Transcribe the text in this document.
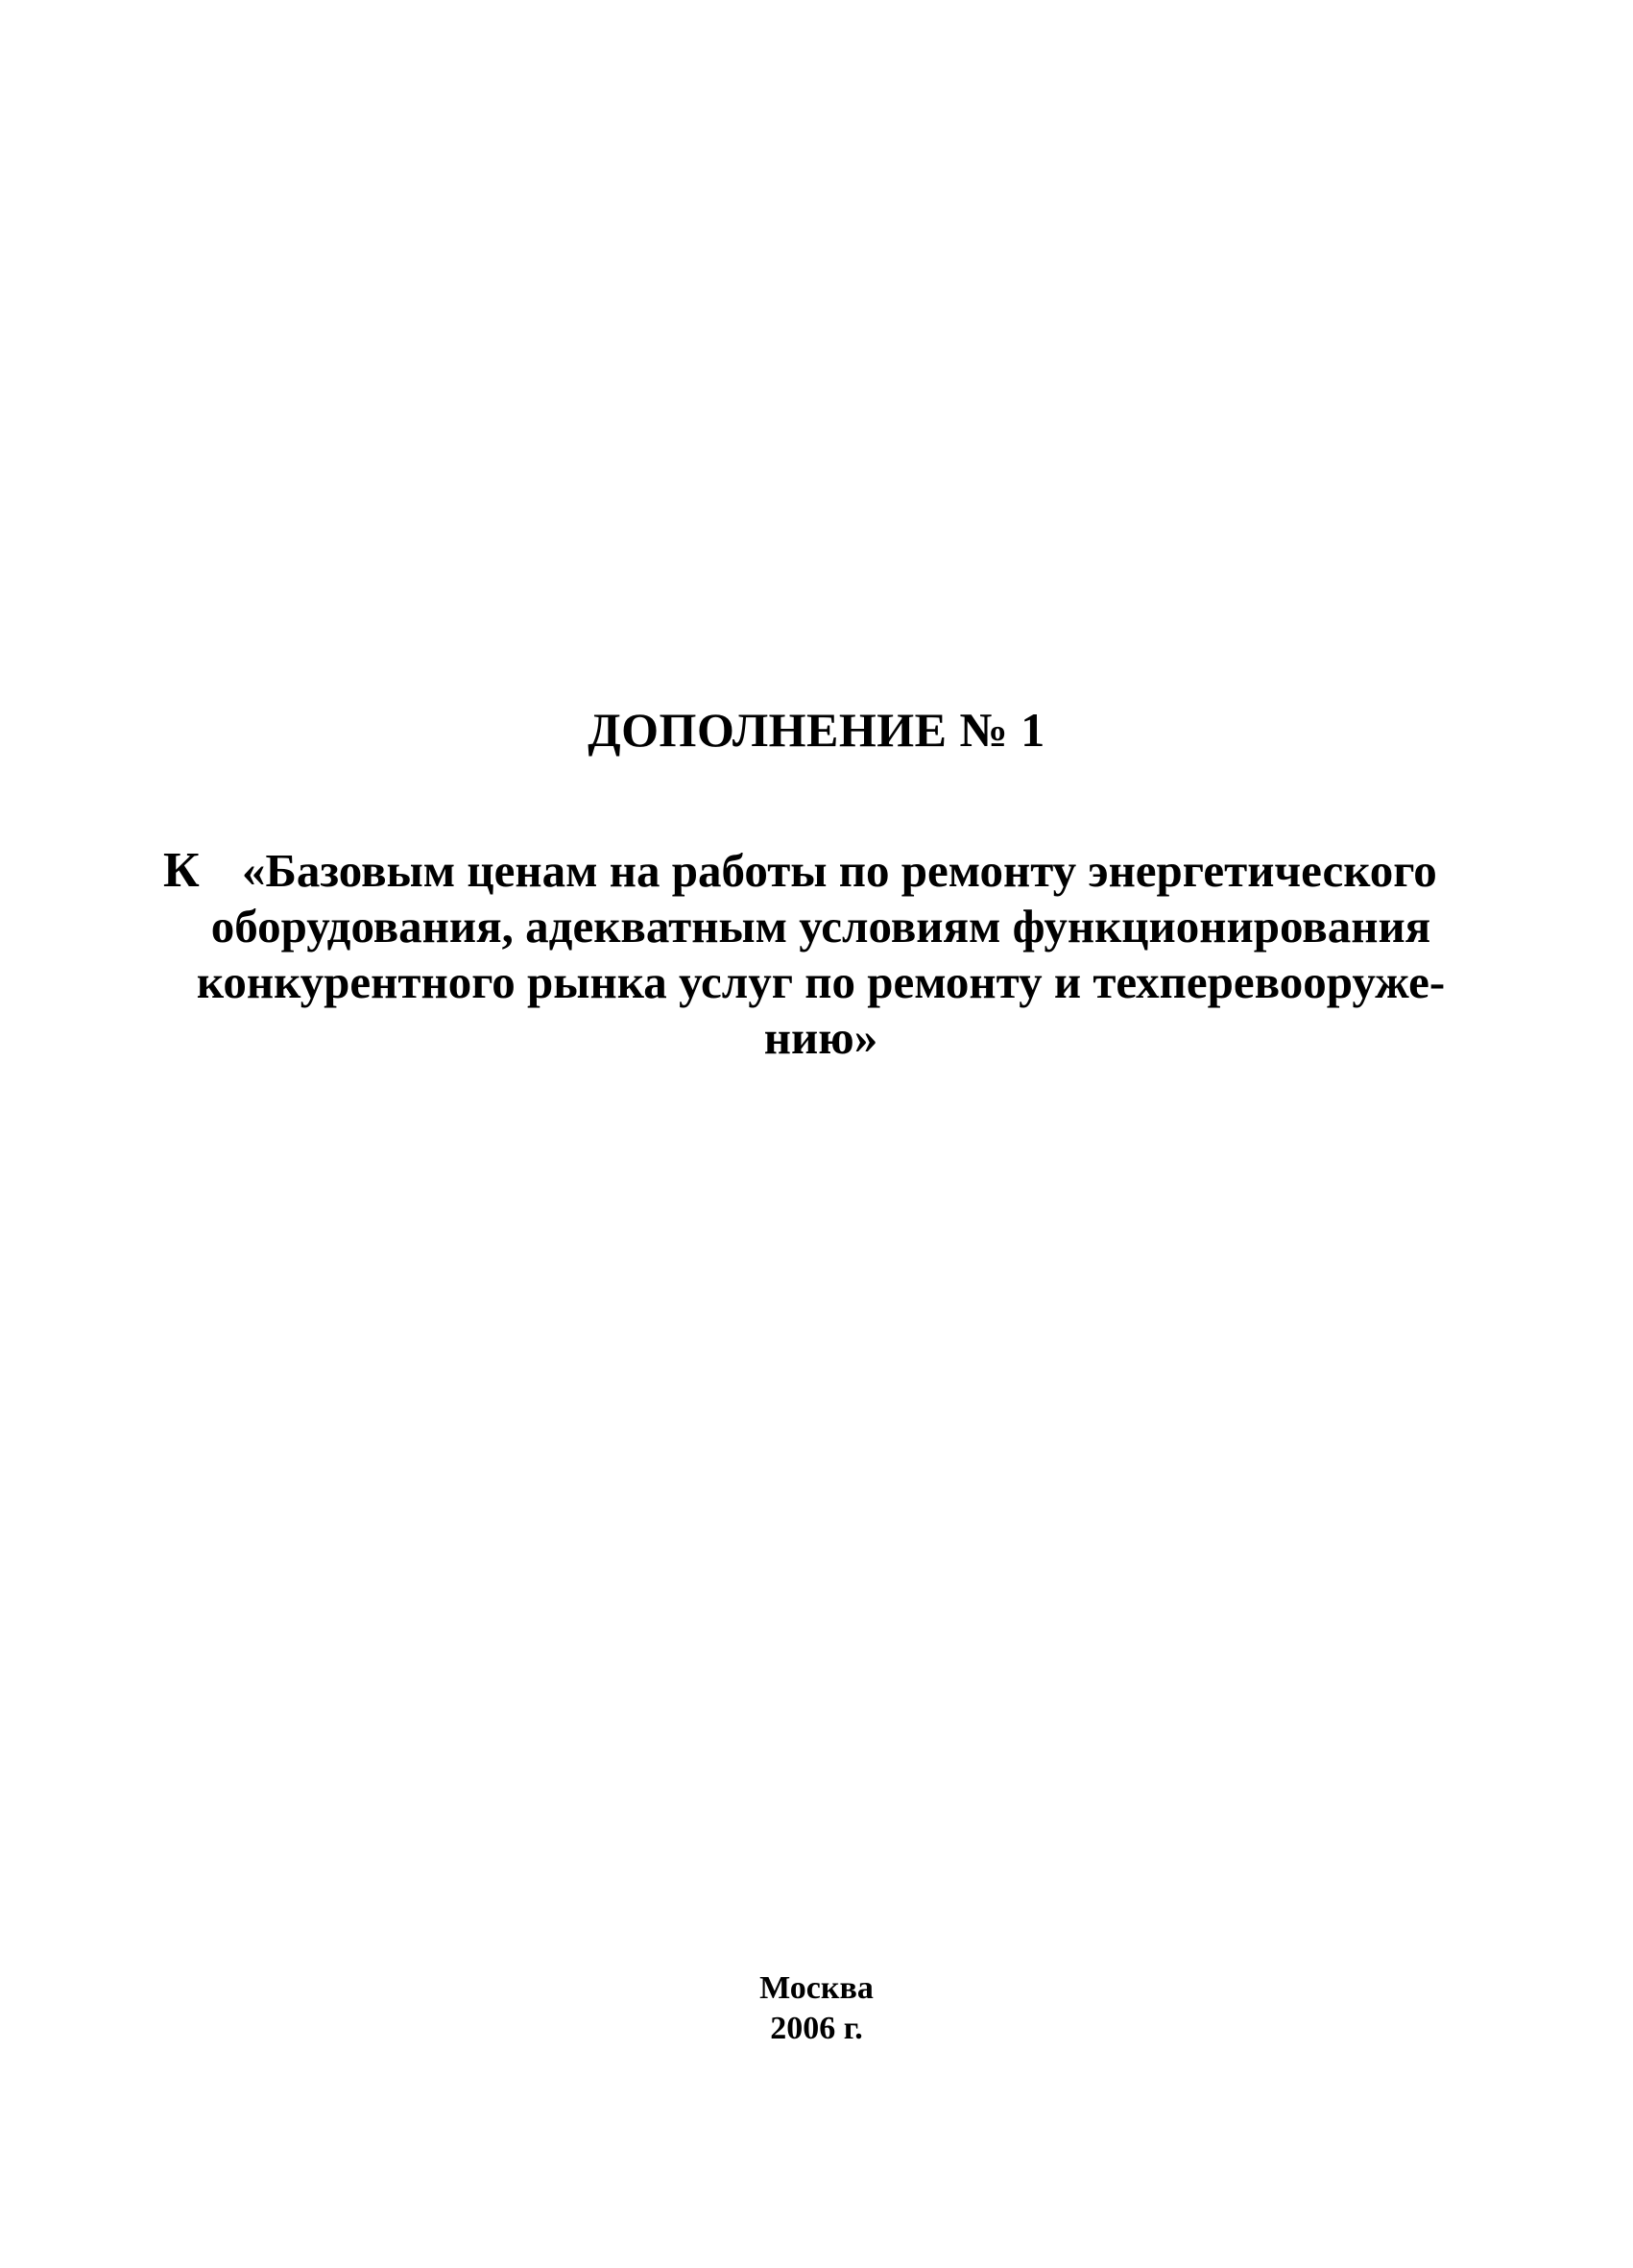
ДОПОЛНЕНИЕ № 1
К «Базовым ценам на работы по ремонту энергетического
оборудования, адекватным условиям функционирования
конкурентного рынка услуг по ремонту и техперевооруже-
нию»
Москва
2006 г.
